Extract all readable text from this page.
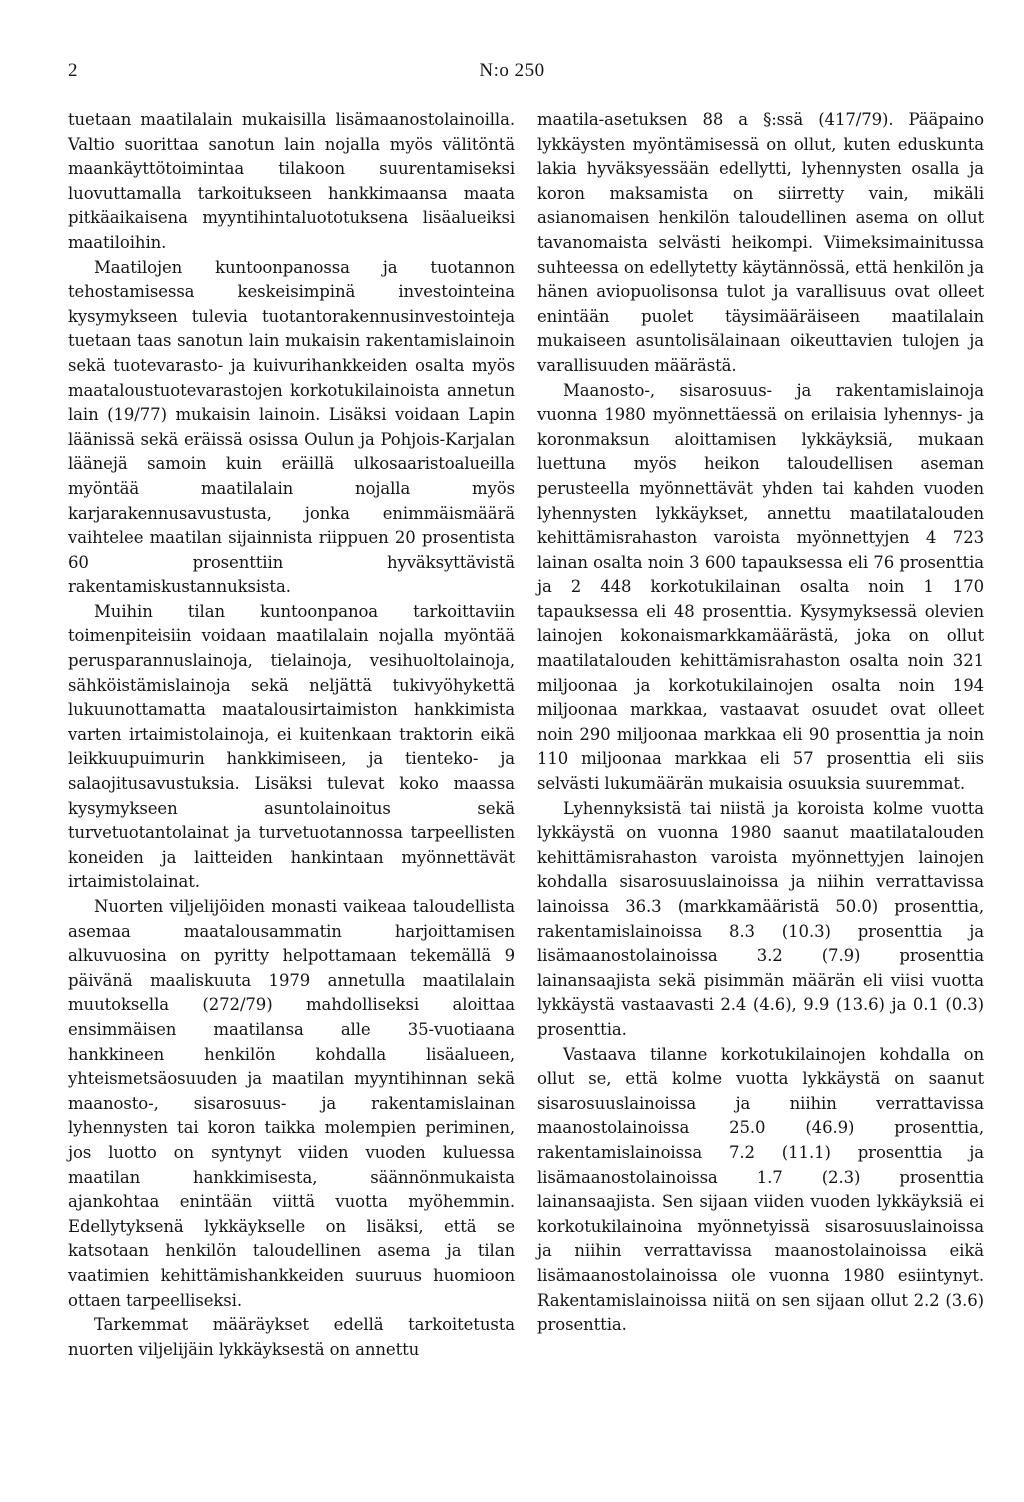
2	N:o 250

tuetaan maatilalain mukaisilla lisämaanostolainoilla. Valtio suorittaa sanotun lain nojalla myös välitöntä maankäyttötoimintaa tilakoon suurentamiseksi luovuttamalla tarkoitukseen hankkimaansa maata pitkäaikaisena myyntihintaluototuksena lisäalueiksi maatiloihin.

Maatilojen kuntoonpanossa ja tuotannon tehostamisessa keskeisimpinä investointeina kysymykseen tulevia tuotantorakennusinvestointeja tuetaan taas sanotun lain mukaisin rakentamislainoin sekä tuotevarasto- ja kuivurihankkeiden osalta myös maataloustuotevarastojen korkotukilainoista annetun lain (19/77) mukaisin lainoin. Lisäksi voidaan Lapin läänissä sekä eräissä osissa Oulun ja Pohjois-Karjalan läänejä samoin kuin eräillä ulkosaaristoalueilla myöntää maatilalain nojalla myös karjarakennusavustusta, jonka enimmäismäärä vaihtelee maatilan sijainnista riippuen 20 prosentista 60 prosenttiin hyväksyttävistä rakentamiskustannuksista.

Muihin tilan kuntoonpanoa tarkoittaviin toimenpiteisiin voidaan maatilalain nojalla myöntää perusparannuslainoja, tielainoja, vesihuoltolainoja, sähköistämislainoja sekä neljättä tukivyöhykettä lukuunottamatta maatalousirtaimiston hankkimista varten irtaimistolainoja, ei kuitenkaan traktorin eikä leikkuupuimurin hankkimiseen, ja tienteko- ja salaojitusavustuksia. Lisäksi tulevat koko maassa kysymykseen asuntolainoitus sekä turvetuotantolainat ja turvetuotannossa tarpeellisten koneiden ja laitteiden hankintaan myönnettävät irtaimistolainat.

Nuorten viljelijöiden monasti vaikeaa taloudellista asemaa maatalousammatin harjoittamisen alkuvuosina on pyritty helpottamaan tekemällä 9 päivänä maaliskuuta 1979 annetulla maatilalain muutoksella (272/79) mahdolliseksi aloittaa ensimmäisen maatilansa alle 35-vuotiaana hankkineen henkilön kohdalla lisäalueen, yhteismetsäosuuden ja maatilan myyntihinnan sekä maanosto-, sisarosuus- ja rakentamislainan lyhennysten tai koron taikka molempien periminen, jos luotto on syntynyt viiden vuoden kuluessa maatilan hankkimisesta, säännönmukaista ajankohtaa enintään viittä vuotta myöhemmin. Edellytyksenä lykkäykselle on lisäksi, että se katsotaan henkilön taloudellinen asema ja tilan vaatimien kehittämishankkeiden suuruus huomioon ottaen tarpeelliseksi.

Tarkemmat määräykset edellä tarkoitetusta nuorten viljelijäin lykkäyksestä on annettu

maatila-asetuksen 88 a §:ssä (417/79). Pääpaino lykkäysten myöntämisessä on ollut, kuten eduskunta lakia hyväksyessään edellytti, lyhennysten osalla ja koron maksamista on siirretty vain, mikäli asianomaisen henkilön taloudellinen asema on ollut tavanomaista selvästi heikompi. Viimeksimainitussa suhteessa on edellytetty käytännössä, että henkilön ja hänen aviopuolisonsa tulot ja varallisuus ovat olleet enintään puolet täysimääräiseen maatilalain mukaiseen asuntolisälainaan oikeuttavien tulojen ja varallisuuden määrästä.

Maanosto-, sisarosuus- ja rakentamislainoja vuonna 1980 myönnettäessä on erilaisia lyhennys- ja koronmaksun aloittamisen lykkäyksiä, mukaan luettuna myös heikon taloudellisen aseman perusteella myönnettävät yhden tai kahden vuoden lyhennysten lykkäykset, annettu maatilatalouden kehittämisrahaston varoista myönnettyjen 4 723 lainan osalta noin 3 600 tapauksessa eli 76 prosenttia ja 2 448 korkotukilainan osalta noin 1 170 tapauksessa eli 48 prosenttia. Kysymyksessä olevien lainojen kokonaismarkkamäärästä, joka on ollut maatilatalouden kehittämisrahaston osalta noin 321 miljoonaa ja korkotukilainojen osalta noin 194 miljoonaa markkaa, vastaavat osuudet ovat olleet noin 290 miljoonaa markkaa eli 90 prosenttia ja noin 110 miljoonaa markkaa eli 57 prosenttia eli siis selvästi lukumäärän mukaisia osuuksia suuremmat.

Lyhennyksistä tai niistä ja koroista kolme vuotta lykkäystä on vuonna 1980 saanut maatilatalouden kehittämisrahaston varoista myönnettyjen lainojen kohdalla sisarosuuslainoissa ja niihin verrattavissa lainoissa 36.3 (markkamääristä 50.0) prosenttia, rakentamislainoissa 8.3 (10.3) prosenttia ja lisämaanostolainoissa 3.2 (7.9) prosenttia lainansaajista sekä pisimmän määrän eli viisi vuotta lykkäystä vastaavasti 2.4 (4.6), 9.9 (13.6) ja 0.1 (0.3) prosenttia.

Vastaava tilanne korkotukilainojen kohdalla on ollut se, että kolme vuotta lykkäystä on saanut sisarosuuslainoissa ja niihin verrattavissa maanostolainoissa 25.0 (46.9) prosenttia, rakentamislainoissa 7.2 (11.1) prosenttia ja lisämaanostolainoissa 1.7 (2.3) prosenttia lainansaajista. Sen sijaan viiden vuoden lykkäyksiä ei korkotukilainoina myönnetyissä sisarosuuslainoissa ja niihin verrattavissa maanostolainoissa eikä lisämaanostolainoissa ole vuonna 1980 esiintynyt. Rakentamislainoissa niitä on sen sijaan ollut 2.2 (3.6) prosenttia.
